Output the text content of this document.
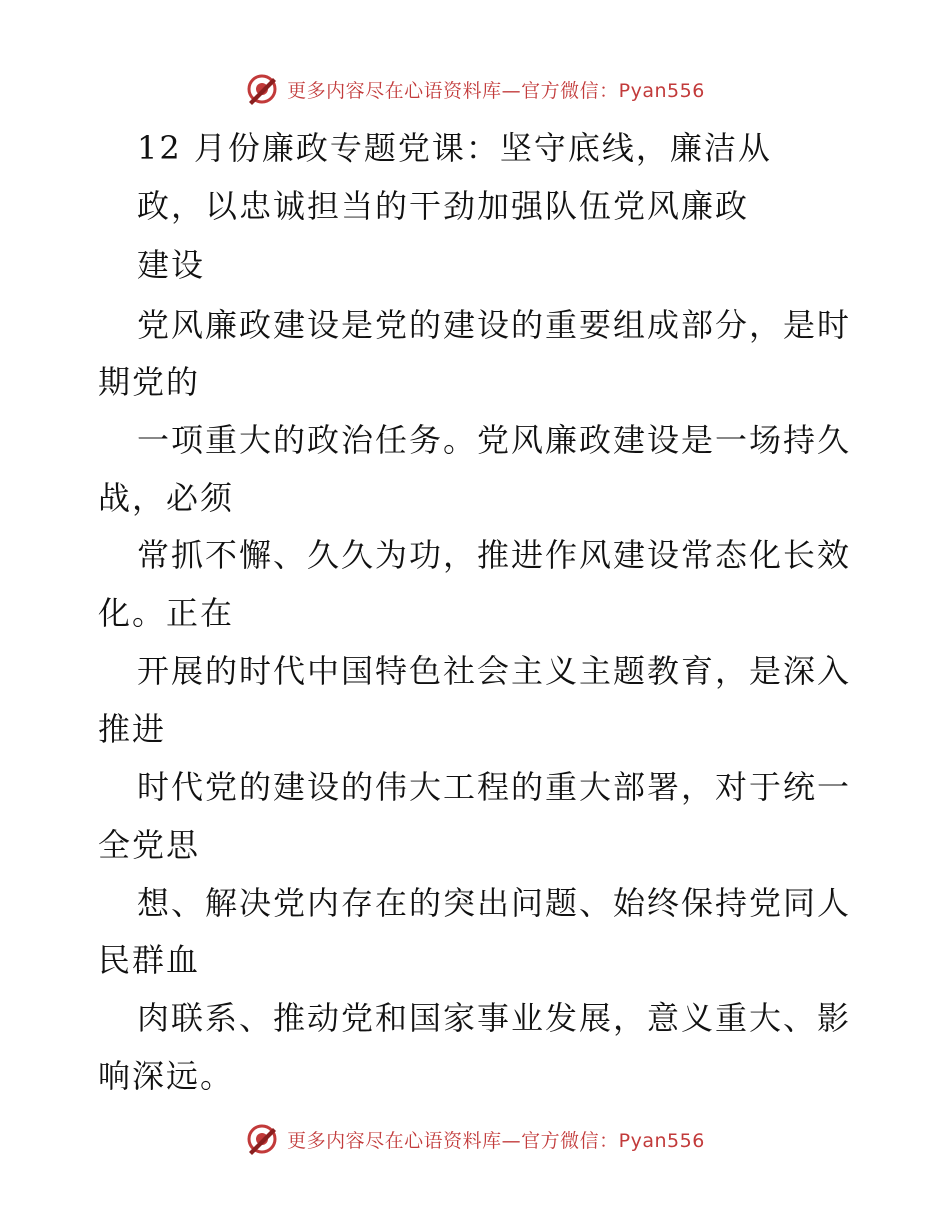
更多内容尽在心语资料库—官方微信：Pyan556
12 月份廉政专题党课：坚守底线，廉洁从
政，以忠诚担当的干劲加强队伍党风廉政
建设
党风廉政建设是党的建设的重要组成部分，是时
期党的
一项重大的政治任务。党风廉政建设是一场持久
战，必须
常抓不懈、久久为功，推进作风建设常态化长效
化。正在
开展的时代中国特色社会主义主题教育，是深入
推进
时代党的建设的伟大工程的重大部署，对于统一
全党思
想、解决党内存在的突出问题、始终保持党同人
民群血
肉联系、推动党和国家事业发展，意义重大、影
响深远。
更多内容尽在心语资料库—官方微信：Pyan556
